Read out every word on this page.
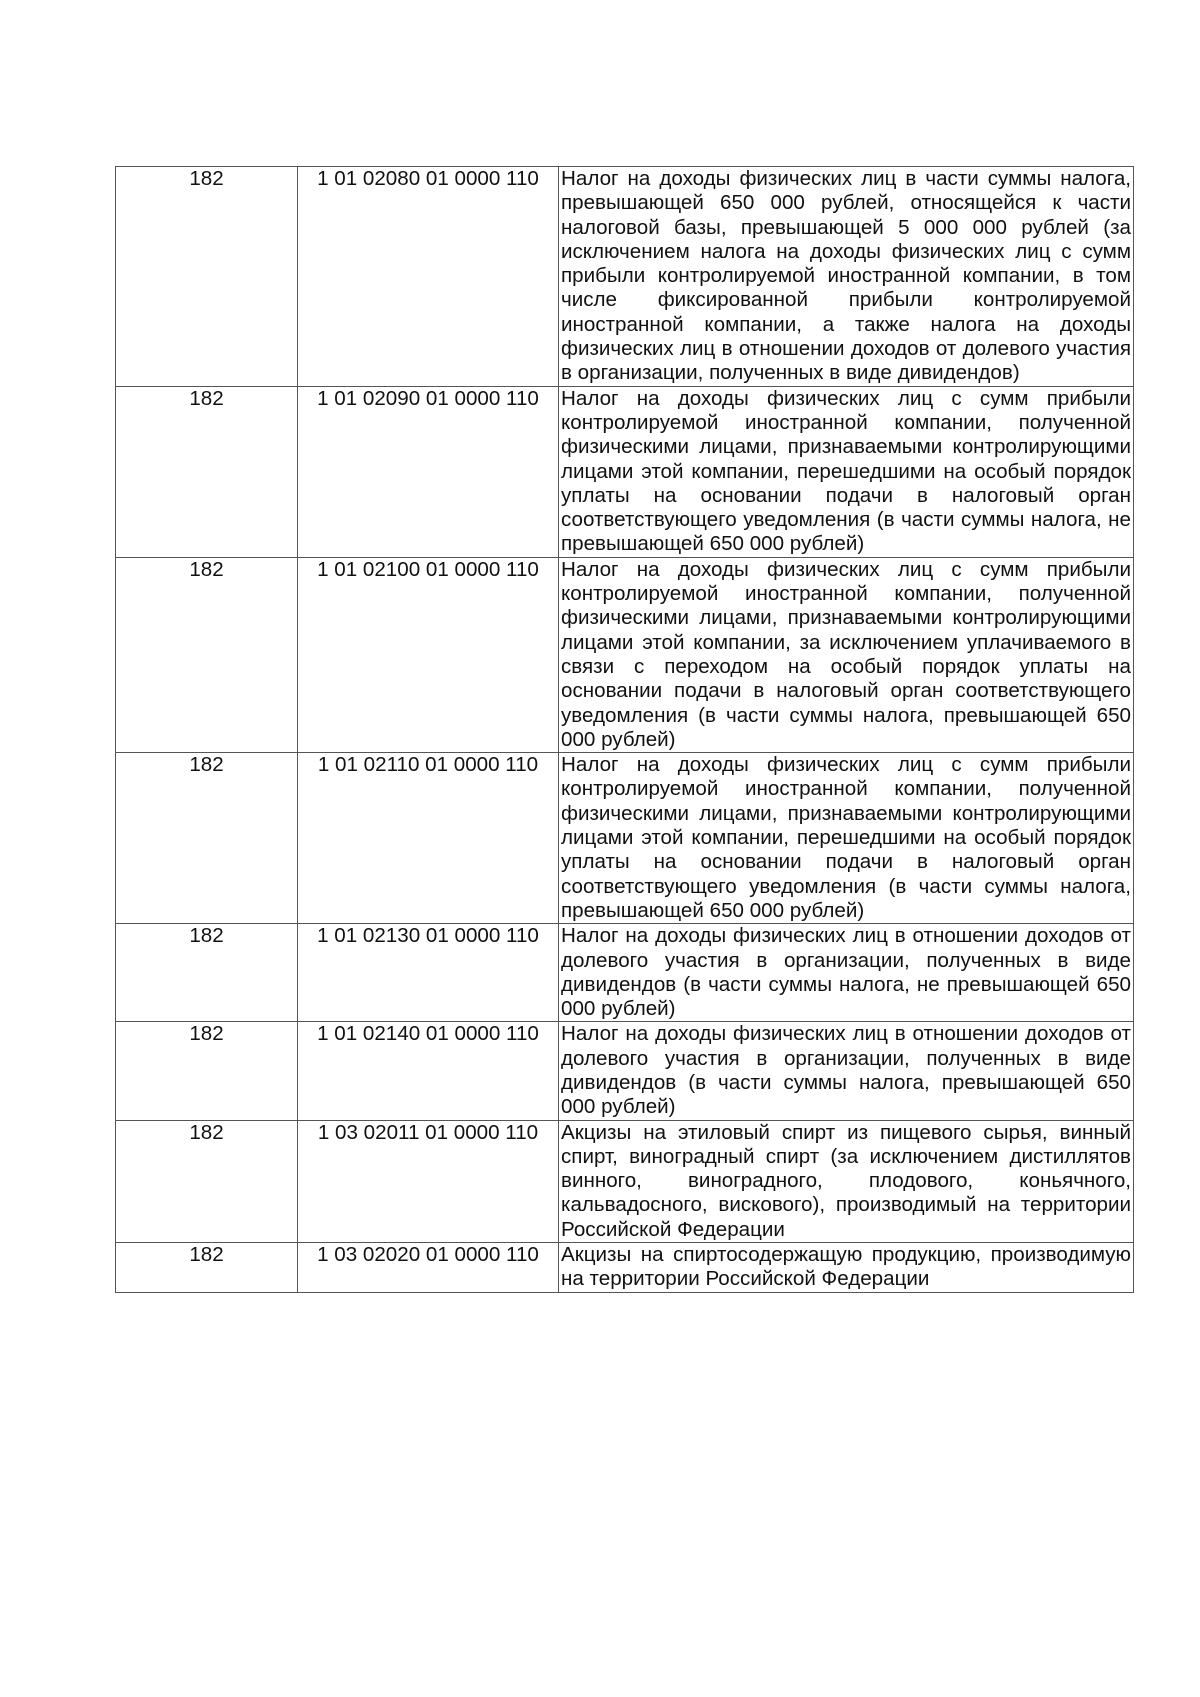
182	1 01 02080 01 0000 110	Налог на доходы физических лиц в части суммы налога, превышающей 650 000 рублей, относящейся к части налоговой базы, превышающей 5 000 000 рублей (за исключением налога на доходы физических лиц с сумм прибыли контролируемой иностранной компании, в том числе фиксированной прибыли контролируемой иностранной компании, а также налога на доходы физических лиц в отношении доходов от долевого участия в организации, полученных в виде дивидендов)

182	1 01 02090 01 0000 110	Налог на доходы физических лиц с сумм прибыли контролируемой иностранной компании, полученной физическими лицами, признаваемыми контролирующими лицами этой компании, перешедшими на особый порядок уплаты на основании подачи в налоговый орган соответствующего уведомления (в части суммы налога, не превышающей 650 000 рублей)

182	1 01 02100 01 0000 110	Налог на доходы физических лиц с сумм прибыли контролируемой иностранной компании, полученной физическими лицами, признаваемыми контролирующими лицами этой компании, за исключением уплачиваемого в связи с переходом на особый порядок уплаты на основании подачи в налоговый орган соответствующего уведомления (в части суммы налога, превышающей 650 000 рублей)

182	1 01 02110 01 0000 110	Налог на доходы физических лиц с сумм прибыли контролируемой иностранной компании, полученной физическими лицами, признаваемыми контролирующими лицами этой компании, перешедшими на особый порядок уплаты на основании подачи в налоговый орган соответствующего уведомления (в части суммы налога, превышающей 650 000 рублей)

182	1 01 02130 01 0000 110	Налог на доходы физических лиц в отношении доходов от долевого участия в организации, полученных в виде дивидендов (в части суммы налога, не превышающей 650 000 рублей)

182	1 01 02140 01 0000 110	Налог на доходы физических лиц в отношении доходов от долевого участия в организации, полученных в виде дивидендов (в части суммы налога, превышающей 650 000 рублей)

182	1 03 02011 01 0000 110	Акцизы на этиловый спирт из пищевого сырья, винный спирт, виноградный спирт (за исключением дистиллятов винного, виноградного, плодового, коньячного, кальвадосного, вискового), производимый на территории Российской Федерации

182	1 03 02020 01 0000 110	Акцизы на спиртосодержащую продукцию, производимую на территории Российской Федерации
